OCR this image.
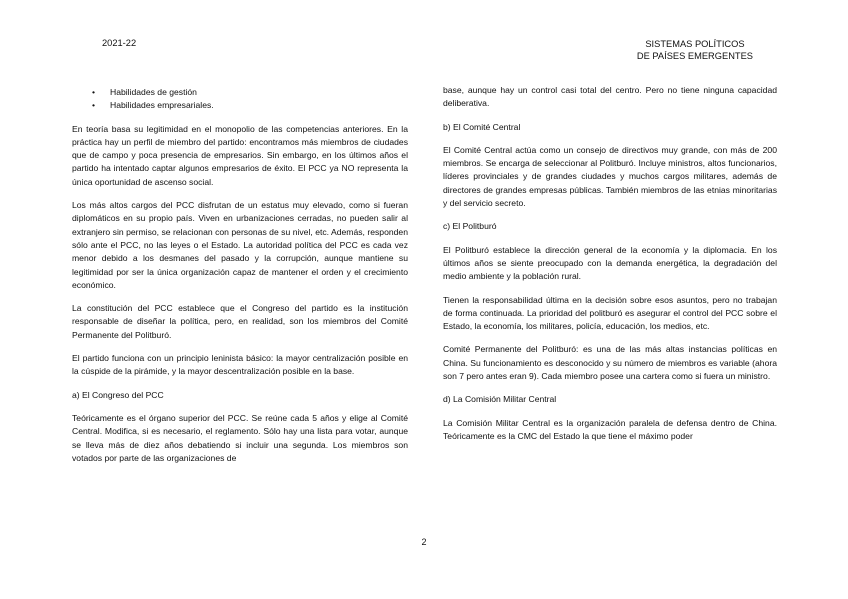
2021-22	SISTEMAS POLÍTICOS
DE PAÍSES EMERGENTES
• Habilidades de gestión
• Habilidades empresariales.

En teoría basa su legitimidad en el monopolio de las competencias anteriores. En la práctica hay un perfil de miembro del partido: encontramos más miembros de ciudades que de campo y poca presencia de empresarios. Sin embargo, en los últimos años el partido ha intentado captar algunos empresarios de éxito. El PCC ya NO representa la única oportunidad de ascenso social.

Los más altos cargos del PCC disfrutan de un estatus muy elevado, como si fueran diplomáticos en su propio país. Viven en urbanizaciones cerradas, no pueden salir al extranjero sin permiso, se relacionan con personas de su nivel, etc. Además, responden sólo ante el PCC, no las leyes o el Estado. La autoridad política del PCC es cada vez menor debido a los desmanes del pasado y la corrupción, aunque mantiene su legitimidad por ser la única organización capaz de mantener el orden y el crecimiento económico.

La constitución del PCC establece que el Congreso del partido es la institución responsable de diseñar la política, pero, en realidad, son los miembros del Comité Permanente del Politburó.

El partido funciona con un principio leninista básico: la mayor centralización posible en la cúspide de la pirámide, y la mayor descentralización posible en la base.

a) El Congreso del PCC

Teóricamente es el órgano superior del PCC. Se reúne cada 5 años y elige al Comité Central. Modifica, si es necesario, el reglamento. Sólo hay una lista para votar, aunque se lleva más de diez años debatiendo si incluir una segunda. Los miembros son votados por parte de las organizaciones de

base, aunque hay un control casi total del centro. Pero no tiene ninguna capacidad deliberativa.

b) El Comité Central

El Comité Central actúa como un consejo de directivos muy grande, con más de 200 miembros. Se encarga de seleccionar al Politburó. Incluye ministros, altos funcionarios, líderes provinciales y de grandes ciudades y muchos cargos militares, además de directores de grandes empresas públicas. También miembros de las etnias minoritarias y del servicio secreto.

c) El Politburó

El Politburó establece la dirección general de la economía y la diplomacia. En los últimos años se siente preocupado con la demanda energética, la degradación del medio ambiente y la población rural.

Tienen la responsabilidad última en la decisión sobre esos asuntos, pero no trabajan de forma continuada. La prioridad del politburó es asegurar el control del PCC sobre el Estado, la economía, los militares, policía, educación, los medios, etc.

Comité Permanente del Politburó: es una de las más altas instancias políticas en China. Su funcionamiento es desconocido y su número de miembros es variable (ahora son 7 pero antes eran 9). Cada miembro posee una cartera como si fuera un ministro.

d) La Comisión Militar Central

La Comisión Militar Central es la organización paralela de defensa dentro de China. Teóricamente es la CMC del Estado la que tiene el máximo poder

2
